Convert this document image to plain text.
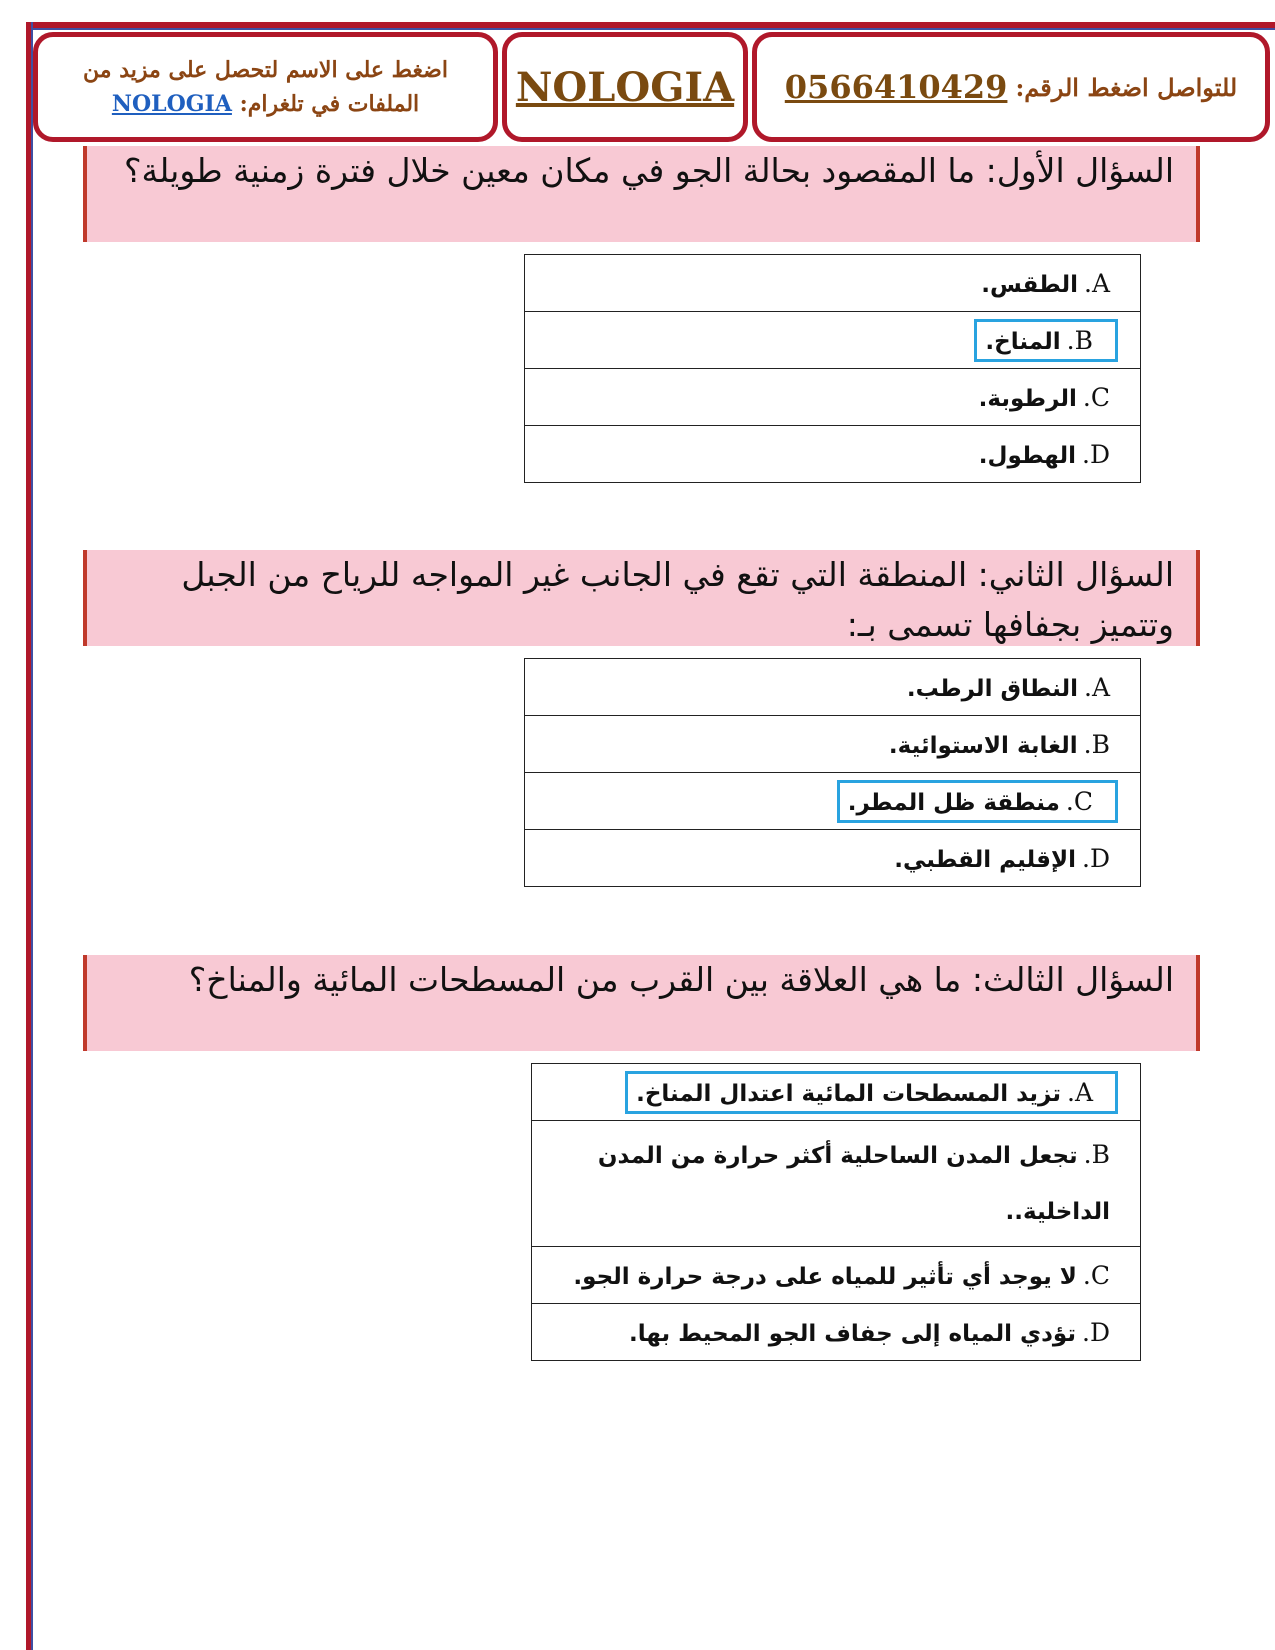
اضغط على الاسم لتحصل على مزيد من
الملفات في تلغرام: NOLOGIA	NOLOGIA	للتواصل اضغط الرقم:
0566410429
السؤال الأول: ما المقصود بحالة الجو في مكان معين خلال فترة زمنية طويلة؟
A.الطقس.
B.المناخ.
C.الرطوبة.
D.الهطول.
السؤال الثاني: المنطقة التي تقع في الجانب غير المواجه للرياح من الجبل وتتميز بجفافها تسمى بـ:
A.النطاق الرطب.
B.الغابة الاستوائية.
C.منطقة ظل المطر.
D.الإقليم القطبي.
السؤال الثالث: ما هي العلاقة بين القرب من المسطحات المائية والمناخ؟
A.تزيد المسطحات المائية اعتدال المناخ.
B.تجعل المدن الساحلية أكثر حرارة من المدن الداخلية..
C.لا يوجد أي تأثير للمياه على درجة حرارة الجو.
D.تؤدي المياه إلى جفاف الجو المحيط بها.
